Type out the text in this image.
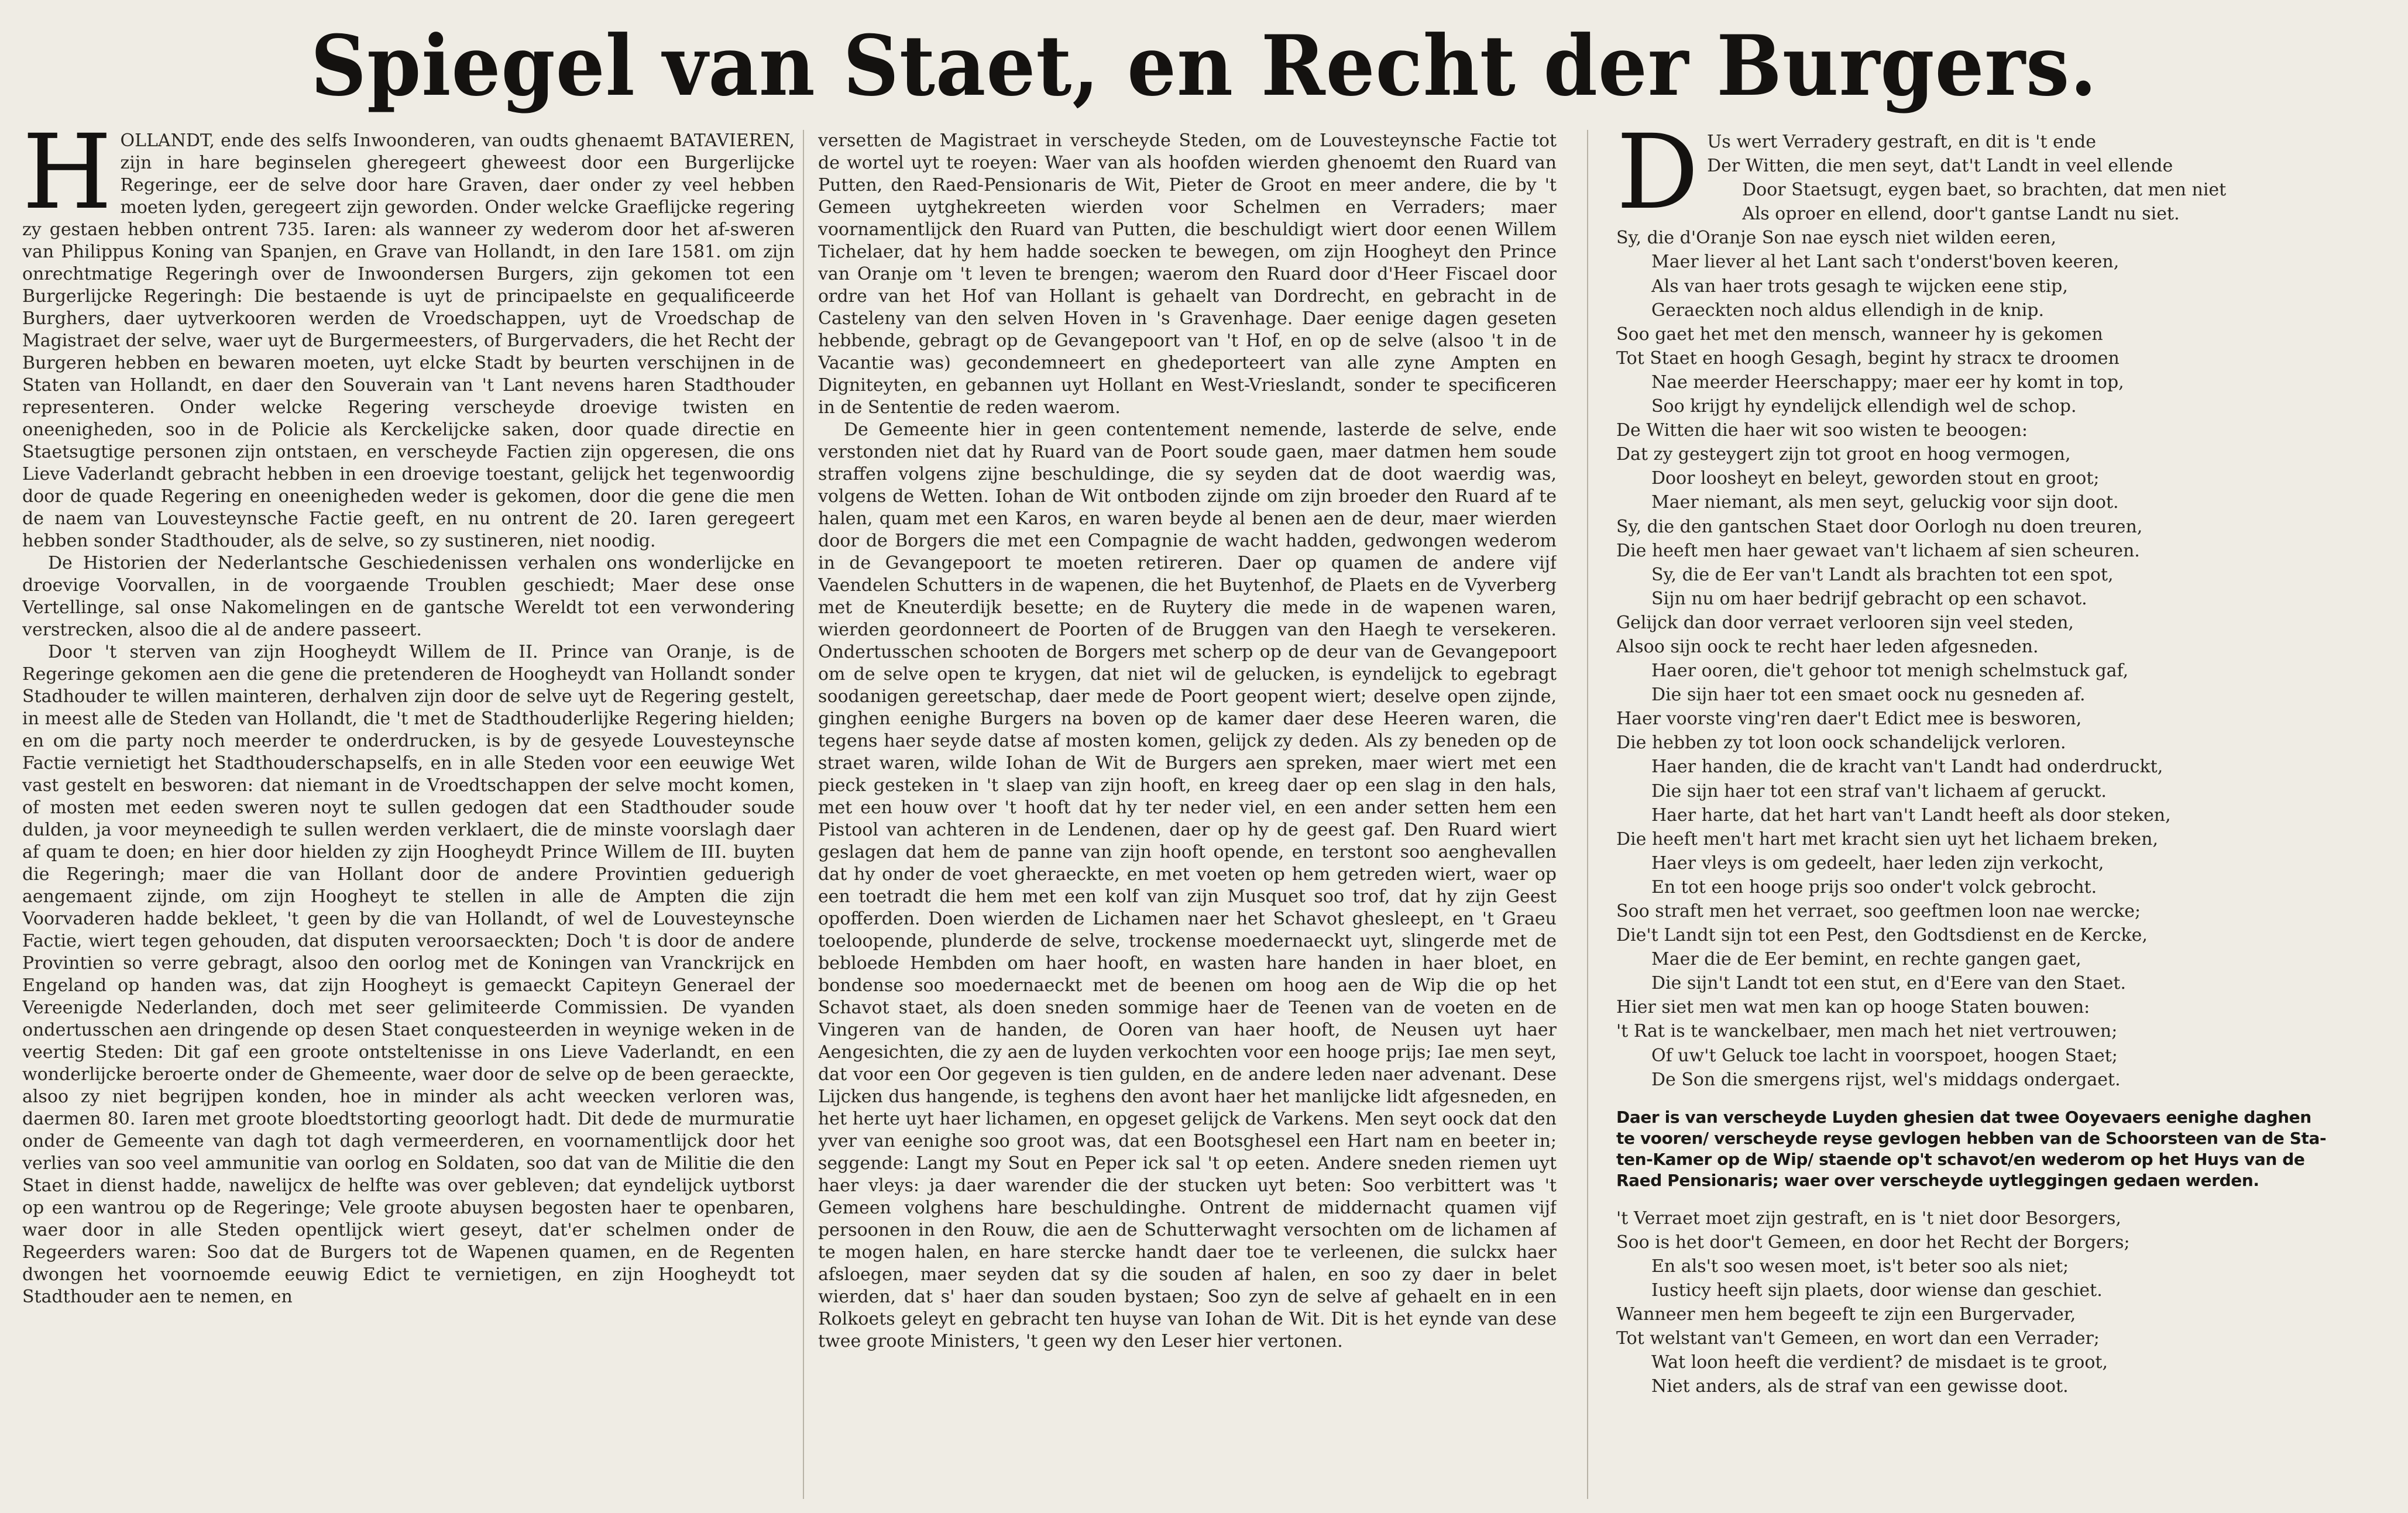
Spiegel van Staet, en Recht der Burgers.
H OLLANDT, ende des selfs Inwoonderen, van oudts ghenaemt BATAVIEREN, zijn in hare beginselen gheregeert gheweest door een Burgerlijcke Regeringe, eer de selve door hare Graven, daer onder zy veel hebben moeten lyden, geregeert zijn geworden. Onder welcke Graeflijcke regering zy gestaen hebben ontrent 735. Iaren: als wanneer zy wederom door het af-sweren van Philippus Koning van Spanjen, en Grave van Hollandt, in den Iare 1581. om zijn onrechtmatige Regeringh over de Inwoondersen Burgers, zijn gekomen tot een Burgerlijcke Regeringh: Die bestaende is uyt de principaelste en gequalificeerde Burghers, daer uytverkooren werden de Vroedschappen, uyt de Vroedschap de Magistraet der selve, waer uyt de Burgermeesters, of Burgervaders, die het Recht der Burgeren hebben en bewaren moeten, uyt elcke Stadt by beurten verschijnen in de Staten van Hollandt, en daer den Souverain van 't Lant nevens haren Stadthouder representeren. Onder welcke Regering verscheyde droevige twisten en oneenigheden, soo in de Policie als Kerckelijcke saken, door quade directie en Staetsugtige personen zijn ontstaen, en verscheyde Factien zijn opgeresen, die ons Lieve Vaderlandt gebracht hebben in een droevige toestant, gelijck het tegenwoordig door de quade Regering en oneenigheden weder is gekomen, door die gene die men de naem van Louvesteynsche Factie geeft, en nu ontrent de 20. Iaren geregeert hebben sonder Stadthouder, als de selve, so zy sustineren, niet noodig.

De Historien der Nederlantsche Geschiedenissen verhalen ons wonderlijcke en droevige Voorvallen, in de voorgaende Troublen geschiedt; Maer dese onse Vertellinge, sal onse Nakomelingen en de gantsche Wereldt tot een verwondering verstrecken, alsoo die al de andere passeert.

Door 't sterven van zijn Hoogheydt Willem de II. Prince van Oranje, is de Regeringe gekomen aen die gene die pretenderen de Hoogheydt van Hollandt sonder Stadhouder te willen mainteren, derhalven zijn door de selve uyt de Regering gestelt, in meest alle de Steden van Hollandt, die 't met de Stadthouderlijke Regering hielden; en om die party noch meerder te onderdrucken, is by de gesyede Louvesteynsche Factie vernietigt het Stadthouderschapselfs, en in alle Steden voor een eeuwige Wet vast gestelt en besworen: dat niemant in de Vroedtschappen der selve mocht komen, of mosten met eeden sweren noyt te sullen gedogen dat een Stadthouder soude dulden, ja voor meyneedigh te sullen werden verklaert, die de minste voorslagh daer af quam te doen; en hier door hielden zy zijn Hoogheydt Prince Willem de III. buyten die Regeringh; maer die van Hollant door de andere Provintien geduerigh aengemaent zijnde, om zijn Hoogheyt te stellen in alle de Ampten die zijn Voorvaderen hadde bekleet, 't geen by die van Hollandt, of wel de Louvesteynsche Factie, wiert tegen gehouden, dat disputen veroorsaeckten; Doch 't is door de andere Provintien so verre gebragt, alsoo den oorlog met de Koningen van Vranckrijck en Engeland op handen was, dat zijn Hoogheyt is gemaeckt Capiteyn Generael der Vereenigde Nederlanden, doch met seer gelimiteerde Commissien. De vyanden ondertusschen aen dringende op desen Staet conquesteerden in weynige weken in de veertig Steden: Dit gaf een groote ontsteltenisse in ons Lieve Vaderlandt, en een wonderlijcke beroerte onder de Ghemeente, waer door de selve op de been geraeckte, alsoo zy niet begrijpen konden, hoe in minder als acht weecken verloren was, daermen 80. Iaren met groote bloedtstorting geoorlogt hadt. Dit dede de murmuratie onder de Gemeente van dagh tot dagh vermeerderen, en voornamentlijck door het verlies van soo veel ammunitie van oorlog en Soldaten, soo dat van de Militie die den Staet in dienst hadde, nawelijcx de helfte was over gebleven; dat eyndelijck uytborst op een wantrou op de Regeringe; Vele groote abuysen begosten haer te openbaren, waer door in alle Steden opentlijck wiert geseyt, dat'er schelmen onder de Regeerders waren: Soo dat de Burgers tot de Wapenen quamen, en de Regenten dwongen het voornoemde eeuwig Edict te vernietigen, en zijn Hoogheydt tot Stadthouder aen te nemen, en

versetten de Magistraet in verscheyde Steden, om de Louvesteynsche Factie tot de wortel uyt te roeyen: Waer van als hoofden wierden ghenoemt den Ruard van Putten, den Raed-Pensionaris de Wit, Pieter de Groot en meer andere, die by 't Gemeen uytghekreeten wierden voor Schelmen en Verraders; maer voornamentlijck den Ruard van Putten, die beschuldigt wiert door eenen Willem Tichelaer, dat hy hem hadde soecken te bewegen, om zijn Hoogheyt den Prince van Oranje om 't leven te brengen; waerom den Ruard door d'Heer Fiscael door ordre van het Hof van Hollant is gehaelt van Dordrecht, en gebracht in de Casteleny van den selven Hoven in 's Gravenhage. Daer eenige dagen geseten hebbende, gebragt op de Gevangepoort van 't Hof, en op de selve (alsoo 't in de Vacantie was) gecondemneert en ghedeporteert van alle zyne Ampten en Digniteyten, en gebannen uyt Hollant en West-Vrieslandt, sonder te specificeren in de Sententie de reden waerom.

De Gemeente hier in geen contentement nemende, lasterde de selve, ende verstonden niet dat hy Ruard van de Poort soude gaen, maer datmen hem soude straffen volgens zijne beschuldinge, die sy seyden dat de doot waerdig was, volgens de Wetten. Iohan de Wit ontboden zijnde om zijn broeder den Ruard af te halen, quam met een Karos, en waren beyde al benen aen de deur, maer wierden door de Borgers die met een Compagnie de wacht hadden, gedwongen wederom in de Gevangepoort te moeten retireren. Daer op quamen de andere vijf Vaendelen Schutters in de wapenen, die het Buytenhof, de Plaets en de Vyverberg met de Kneuterdijk besette; en de Ruytery die mede in de wapenen waren, wierden geordonneert de Poorten of de Bruggen van den Haegh te versekeren. Ondertusschen schooten de Borgers met scherp op de deur van de Gevangepoort om de selve open te krygen, dat niet wil de gelucken, is eyndelijck to egebragt soodanigen gereetschap, daer mede de Poort geopent wiert; deselve open zijnde, ginghen eenighe Burgers na boven op de kamer daer dese Heeren waren, die tegens haer seyde datse af mosten komen, gelijck zy deden. Als zy beneden op de straet waren, wilde Iohan de Wit de Burgers aen spreken, maer wiert met een pieck gesteken in 't slaep van zijn hooft, en kreeg daer op een slag in den hals, met een houw over 't hooft dat hy ter neder viel, en een ander setten hem een Pistool van achteren in de Lendenen, daer op hy de geest gaf. Den Ruard wiert geslagen dat hem de panne van zijn hooft opende, en terstont soo aenghevallen dat hy onder de voet gheraeckte, en met voeten op hem getreden wiert, waer op een toetradt die hem met een kolf van zijn Musquet soo trof, dat hy zijn Geest opofferden. Doen wierden de Lichamen naer het Schavot ghesleept, en 't Graeu toeloopende, plunderde de selve, trockense moedernaeckt uyt, slingerde met de bebloede Hembden om haer hooft, en wasten hare handen in haer bloet, en bondense soo moedernaeckt met de beenen om hoog aen de Wip die op het Schavot staet, als doen sneden sommige haer de Teenen van de voeten en de Vingeren van de handen, de Ooren van haer hooft, de Neusen uyt haer Aengesichten, die zy aen de luyden verkochten voor een hooge prijs; Iae men seyt, dat voor een Oor gegeven is tien gulden, en de andere leden naer advenant. Dese Lijcken dus hangende, is teghens den avont haer het manlijcke lidt afgesneden, en het herte uyt haer lichamen, en opgeset gelijck de Varkens. Men seyt oock dat den yver van eenighe soo groot was, dat een Bootsghesel een Hart nam en beeter in; seggende: Langt my Sout en Peper ick sal 't op eeten. Andere sneden riemen uyt haer vleys: ja daer warender die der stucken uyt beten: Soo verbittert was 't Gemeen volghens hare beschuldinghe. Ontrent de middernacht quamen vijf persoonen in den Rouw, die aen de Schutterwaght versochten om de lichamen af te mogen halen, en hare stercke handt daer toe te verleenen, die sulckx haer afsloegen, maer seyden dat sy die souden af halen, en soo zy daer in belet wierden, dat s' haer dan souden bystaen; Soo zyn de selve af gehaelt en in een Rolkoets geleyt en gebracht ten huyse van Iohan de Wit. Dit is het eynde van dese twee groote Ministers, 't geen wy den Leser hier vertonen.

D Us wert Verradery gestraft, en dit is 't ende
Der Witten, die men seyt, dat't Landt in veel ellende
Door Staetsugt, eygen baet, so brachten, dat men niet
Als oproer en ellend, door't gantse Landt nu siet.
Sy, die d'Oranje Son nae eysch niet wilden eeren,
Maer liever al het Lant sach t'onderst'boven keeren,
Als van haer trots gesagh te wijcken eene stip,
Geraeckten noch aldus ellendigh in de knip.
Soo gaet het met den mensch, wanneer hy is gekomen
Tot Staet en hoogh Gesagh, begint hy stracx te droomen
Nae meerder Heerschappy; maer eer hy komt in top,
Soo krijgt hy eyndelijck ellendigh wel de schop.
De Witten die haer wit soo wisten te beoogen:
Dat zy gesteygert zijn tot groot en hoog vermogen,
Door loosheyt en beleyt, geworden stout en groot;
Maer niemant, als men seyt, geluckig voor sijn doot.
Sy, die den gantschen Staet door Oorlogh nu doen treuren,
Die heeft men haer gewaet van't lichaem af sien scheuren.
Sy, die de Eer van't Landt als brachten tot een spot,
Sijn nu om haer bedrijf gebracht op een schavot.
Gelijck dan door verraet verlooren sijn veel steden,
Alsoo sijn oock te recht haer leden afgesneden.
Haer ooren, die't gehoor tot menigh schelmstuck gaf,
Die sijn haer tot een smaet oock nu gesneden af.
Haer voorste ving'ren daer't Edict mee is besworen,
Die hebben zy tot loon oock schandelijck verloren.
Haer handen, die de kracht van't Landt had onderdruckt,
Die sijn haer tot een straf van't lichaem af geruckt.
Haer harte, dat het hart van't Landt heeft als door steken,
Die heeft men't hart met kracht sien uyt het lichaem breken,
Haer vleys is om gedeelt, haer leden zijn verkocht,
En tot een hooge prijs soo onder't volck gebrocht.
Soo straft men het verraet, soo geeftmen loon nae wercke;
Die't Landt sijn tot een Pest, den Godtsdienst en de Kercke,
Maer die de Eer bemint, en rechte gangen gaet,
Die sijn't Landt tot een stut, en d'Eere van den Staet.
Hier siet men wat men kan op hooge Staten bouwen:
't Rat is te wanckelbaer, men mach het niet vertrouwen;
Of uw't Geluck toe lacht in voorspoet, hoogen Staet;
De Son die smergens rijst, wel's middags ondergaet.
Daer is van verscheyde Luyden ghesien dat twee Ooyevaers eenighe daghen
te vooren/ verscheyde reyse gevlogen hebben van de Schoorsteen van de Sta-
ten-Kamer op de Wip/ staende op't schavot/en wederom op het Huys van de
Raed Pensionaris; waer over verscheyde uytleggingen gedaen werden.
't Verraet moet zijn gestraft, en is 't niet door Besorgers,
Soo is het door't Gemeen, en door het Recht der Borgers;
En als't soo wesen moet, is't beter soo als niet;
Iusticy heeft sijn plaets, door wiense dan geschiet.
Wanneer men hem begeeft te zijn een Burgervader,
Tot welstant van't Gemeen, en wort dan een Verrader;
Wat loon heeft die verdient? de misdaet is te groot,
Niet anders, als de straf van een gewisse doot.
